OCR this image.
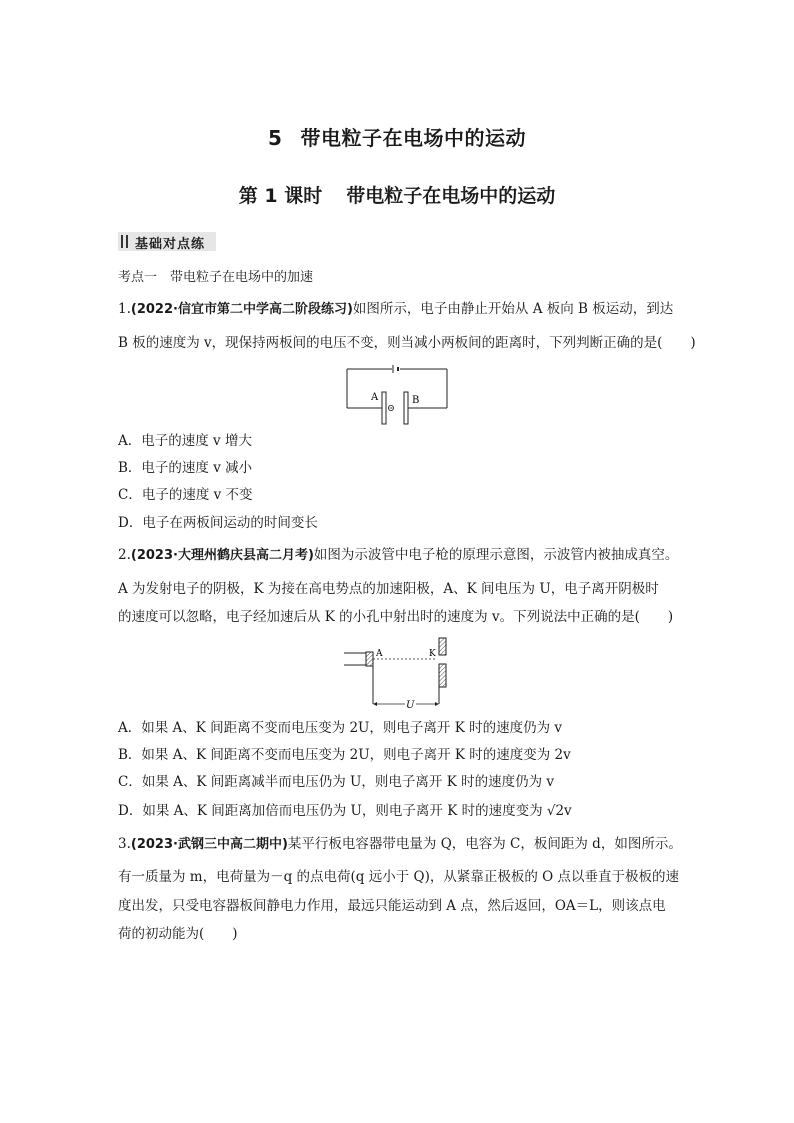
5 带电粒子在电场中的运动
第 1 课时 带电粒子在电场中的运动
基础对点练
考点一　带电粒子在电场中的加速
1.(2022·信宜市第二中学高二阶段练习)如图所示，电子由静止开始从 A 板向 B 板运动，到达
B 板的速度为 v，现保持两板间的电压不变，则当减小两板间的距离时，下列判断正确的是( )
A	B
A．电子的速度 v 增大
B．电子的速度 v 减小
C．电子的速度 v 不变
D．电子在两板间运动的时间变长
2.(2023·大理州鹤庆县高二月考)如图为示波管中电子枪的原理示意图，示波管内被抽成真空。
A 为发射电子的阴极，K 为接在高电势点的加速阳极，A、K 间电压为 U，电子离开阴极时
的速度可以忽略，电子经加速后从 K 的小孔中射出时的速度为 v。下列说法中正确的是( )
A	K
U
A．如果 A、K 间距离不变而电压变为 2U，则电子离开 K 时的速度仍为 v
B．如果 A、K 间距离不变而电压变为 2U，则电子离开 K 时的速度变为 2v
C．如果 A、K 间距离减半而电压仍为 U，则电子离开 K 时的速度仍为 v
D．如果 A、K 间距离加倍而电压仍为 U，则电子离开 K 时的速度变为 √2v
3.(2023·武钢三中高二期中)某平行板电容器带电量为 Q，电容为 C，板间距为 d，如图所示。
有一质量为 m，电荷量为－q 的点电荷(q 远小于 Q)，从紧靠正极板的 O 点以垂直于极板的速
度出发，只受电容器板间静电力作用，最远只能运动到 A 点，然后返回，OA＝L，则该点电
荷的初动能为( )
